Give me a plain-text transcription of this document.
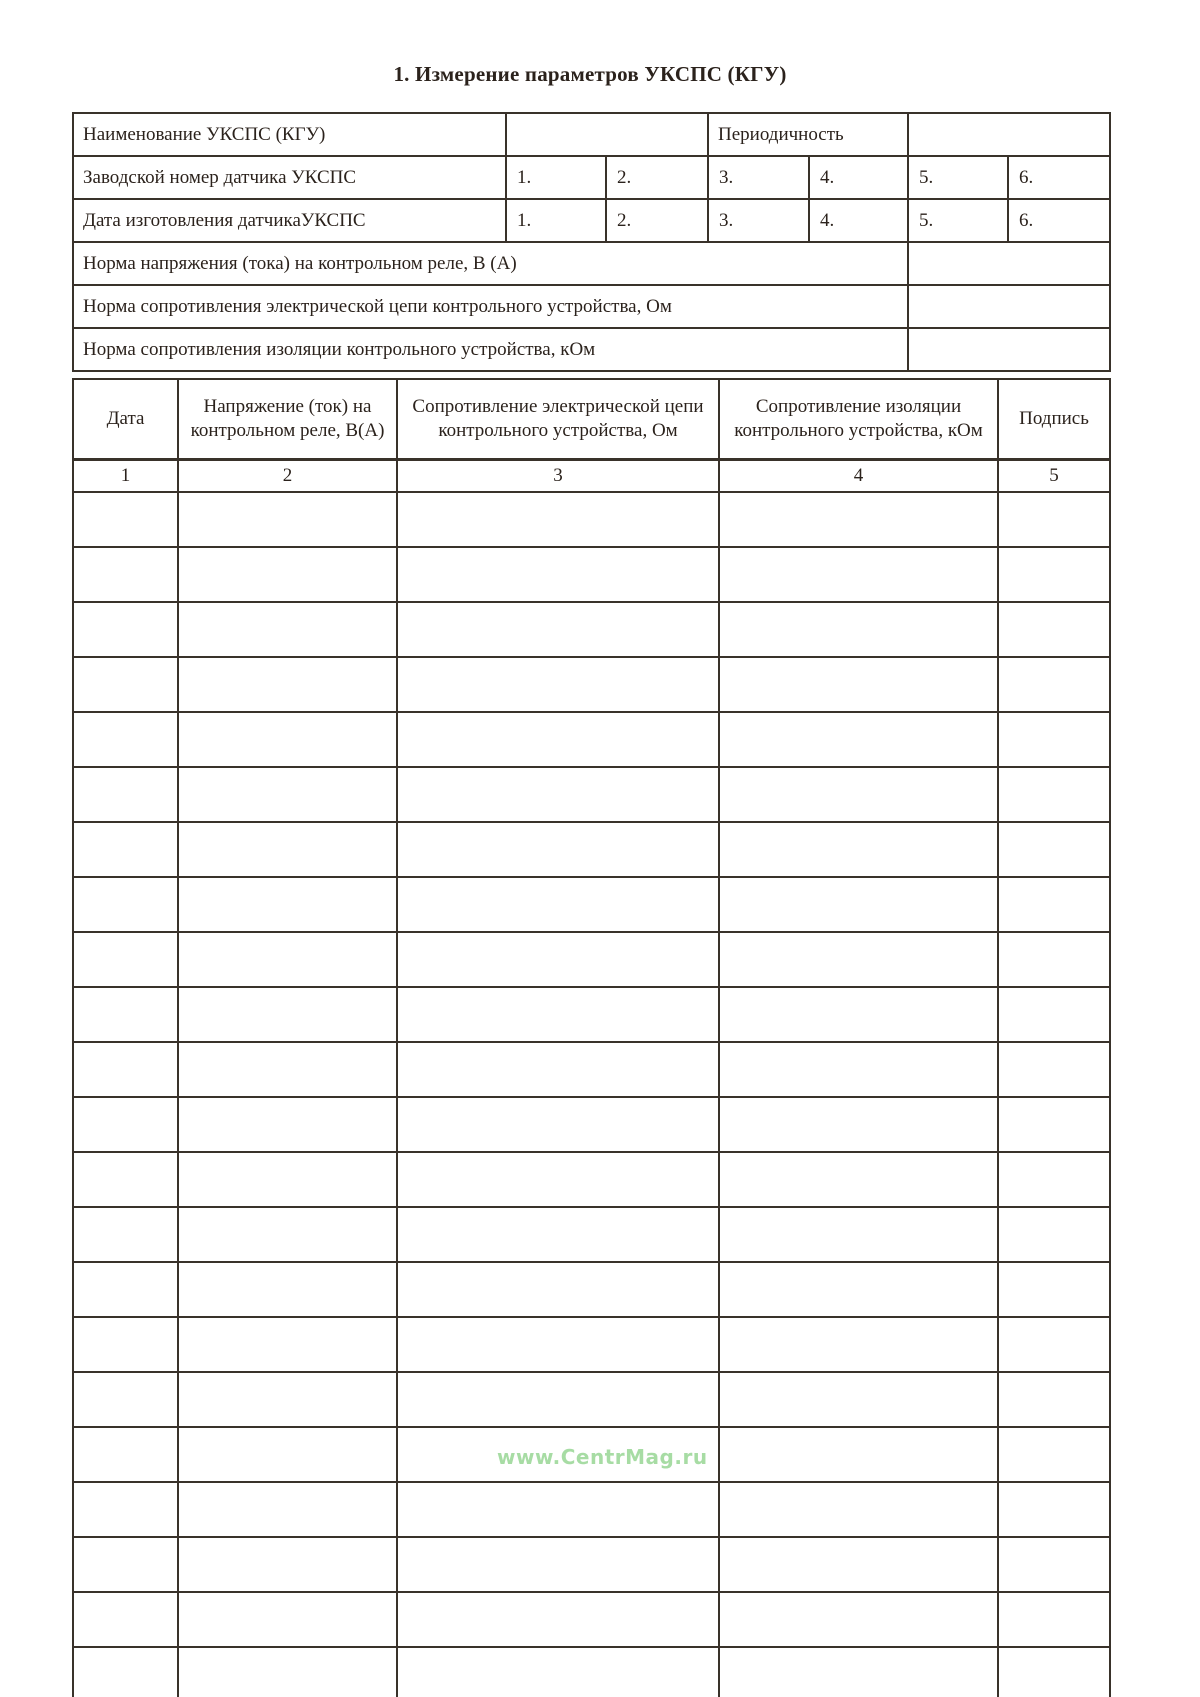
1. Измерение параметров УКСПС (КГУ)
Наименование УКСПС (КГУ)			Периодичность			
Заводской номер датчика УКСПС	1.	2.	3.	4.	5.	6.
Дата изготовления датчикаУКСПС	1.	2.	3.	4.	5.	6.
Норма напряжения (тока) на контрольном реле, В (А)						
Норма сопротивления электрической цепи контрольного устройства, Ом						
Норма сопротивления изоляции контрольного устройства, кОм						
Дата	Напряжение (ток) на контрольном реле, В(А)	Сопротивление электрической цепи контрольного устройства, Ом	Сопротивление изоляции контрольного устройства, кОм	Подпись
1	2	3	4	5

www.CentrMag.ru
